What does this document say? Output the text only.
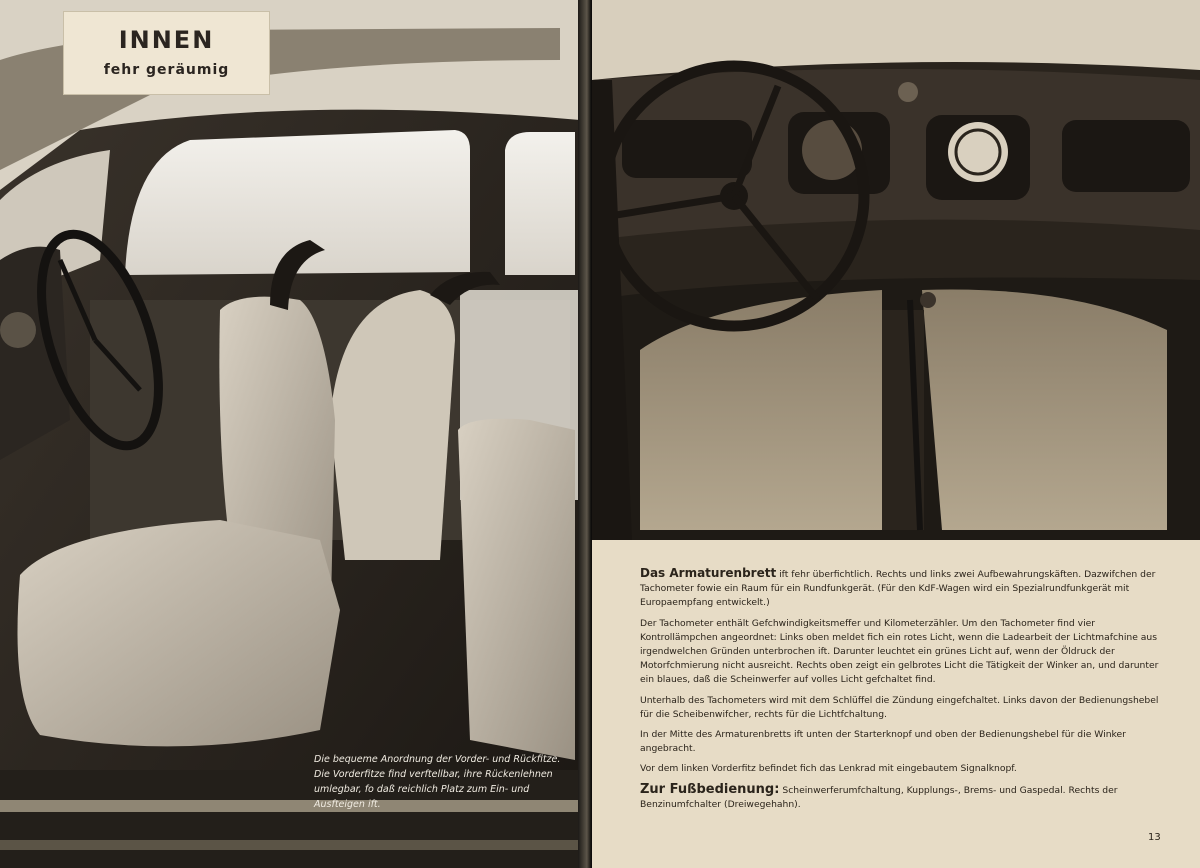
INNEN
fehr geräumig
Die bequeme Anordnung der Vorder- und Rückfitze. Die Vorderfitze find verftellbar, ihre Rückenlehnen umlegbar, fo daß reichlich Platz zum Ein- und Ausfteigen ift.

Das Armaturenbrett ift fehr überfichtlich. Rechts und links zwei Aufbewahrungskäften. Dazwifchen der Tachometer fowie ein Raum für ein Rundfunkgerät. (Für den KdF-Wagen wird ein Spezialrundfunkgerät mit Europaempfang entwickelt.)

Der Tachometer enthält Gefchwindigkeitsmeffer und Kilometerzähler. Um den Tachometer find vier Kontrollämpchen angeordnet: Links oben meldet fich ein rotes Licht, wenn die Ladearbeit der Lichtmafchine aus irgendwelchen Gründen unterbrochen ift. Darunter leuchtet ein grünes Licht auf, wenn der Öldruck der Motorfchmierung nicht ausreicht. Rechts oben zeigt ein gelbrotes Licht die Tätigkeit der Winker an, und darunter ein blaues, daß die Scheinwerfer auf volles Licht gefchaltet find.

Unterhalb des Tachometers wird mit dem Schlüffel die Zündung eingefchaltet. Links davon der Bedienungshebel für die Scheibenwifcher, rechts für die Lichtfchaltung.

In der Mitte des Armaturenbretts ift unten der Starterknopf und oben der Bedienungshebel für die Winker angebracht.

Vor dem linken Vorderfitz befindet fich das Lenkrad mit eingebautem Signalknopf.

Zur Fußbedienung: Scheinwerferumfchaltung, Kupplungs-, Brems- und Gaspedal. Rechts der Benzinumfchalter (Dreiwegehahn).

13
